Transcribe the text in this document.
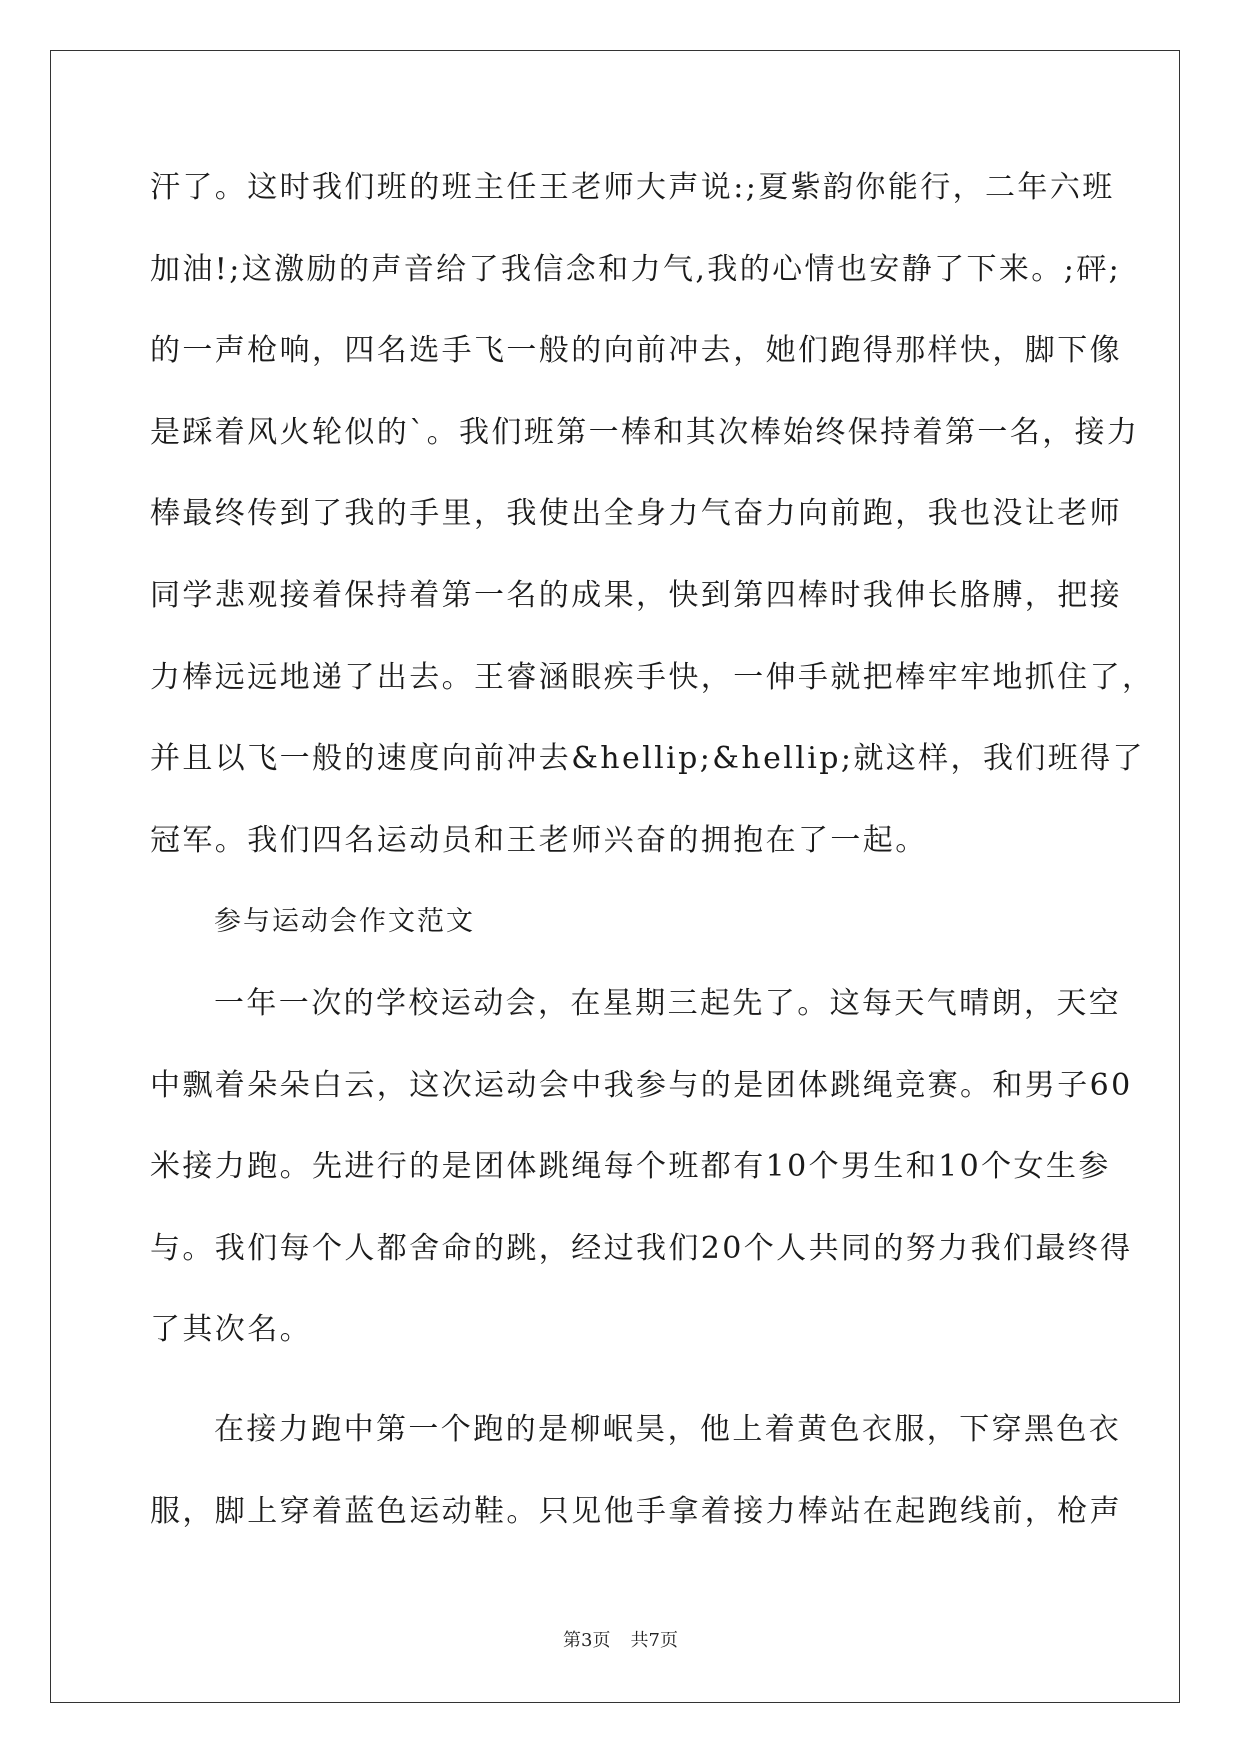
汗了。这时我们班的班主任王老师大声说:;夏紫韵你能行，二年六班
加油!;这激励的声音给了我信念和力气,我的心情也安静了下来。;砰;
的一声枪响，四名选手飞一般的向前冲去，她们跑得那样快，脚下像
是踩着风火轮似的`。我们班第一棒和其次棒始终保持着第一名，接力
棒最终传到了我的手里，我使出全身力气奋力向前跑，我也没让老师
同学悲观接着保持着第一名的成果，快到第四棒时我伸长胳膊，把接
力棒远远地递了出去。王睿涵眼疾手快，一伸手就把棒牢牢地抓住了，
并且以飞一般的速度向前冲去&hellip;&hellip;就这样，我们班得了
冠军。我们四名运动员和王老师兴奋的拥抱在了一起。
参与运动会作文范文
一年一次的学校运动会，在星期三起先了。这每天气晴朗，天空
中飘着朵朵白云，这次运动会中我参与的是团体跳绳竞赛。和男子60
米接力跑。先进行的是团体跳绳每个班都有10个男生和10个女生参
与。我们每个人都舍命的跳，经过我们20个人共同的努力我们最终得
了其次名。
在接力跑中第一个跑的是柳岷昊，他上着黄色衣服，下穿黑色衣
服，脚上穿着蓝色运动鞋。只见他手拿着接力棒站在起跑线前，枪声
第3页 共7页
